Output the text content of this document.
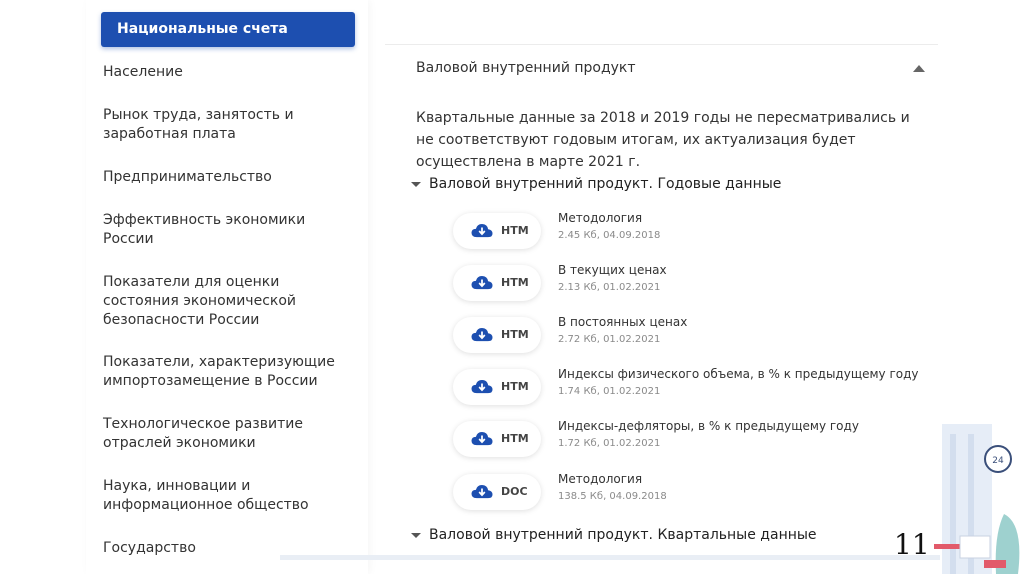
Национальные счета
Население
Рынок труда, занятость и заработная плата
Предпринимательство
Эффективность экономики России
Показатели для оценки состояния экономической безопасности России
Показатели, характеризующие импортозамещение в России
Технологическое развитие отраслей экономики
Наука, инновации и информационное общество
Государство
Валовой внутренний продукт
Квартальные данные за 2018 и 2019 годы не пересматривались и не соответствуют годовым итогам, их актуализация будет осуществлена в марте 2021 г.
Валовой внутренний продукт. Годовые данные
HTM
Методология
2.45 Кб, 04.09.2018
HTM
В текущих ценах
2.13 Кб, 01.02.2021
HTM
В постоянных ценах
2.72 Кб, 01.02.2021
HTM
Индексы физического объема, в % к предыдущему году
1.74 Кб, 01.02.2021
HTM
Индексы-дефляторы, в % к предыдущему году
1.72 Кб, 01.02.2021
DOC
Методология
138.5 Кб, 04.09.2018
Валовой внутренний продукт. Квартальные данные
24
11
